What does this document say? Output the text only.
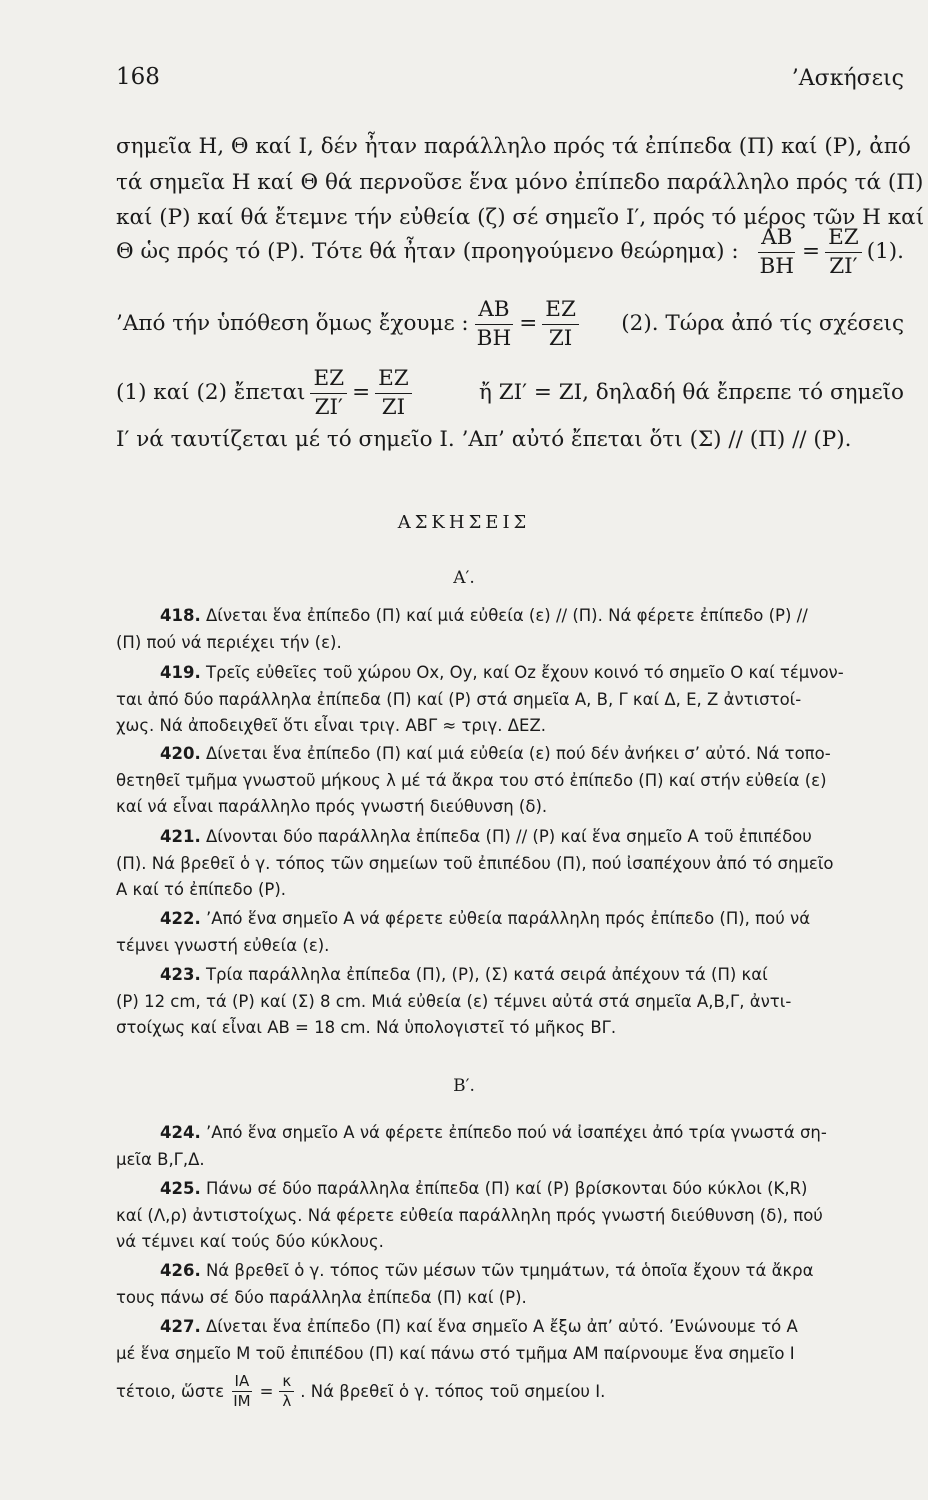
168	’Ασκήσεις
σημεῖα Η, Θ καί Ι, δέν ἦταν παράλληλο πρός τά ἐπίπεδα (Π) καί (Ρ), ἀπό
τά σημεῖα Η καί Θ θά περνοῦσε ἕνα μόνο ἐπίπεδο παράλληλο πρός τά (Π)
καί (Ρ) καί θά ἔτεμνε τήν εὐθεία (ζ) σέ σημεῖο Ι′, πρός τό μέρος τῶν Η καί
Θ ὡς πρός τό (Ρ). Τότε θά ἦταν (προηγούμενο θεώρημα) : $\frac{AB}{BH} = \frac{EZ}{ZI'} (1)$.
’Από τήν ὑπόθεση ὅμως ἔχουμε : $\frac{AB}{BH} = \frac{EZ}{ZI} (2)$. Τώρα ἀπό τίς σχέσεις
(1) καί (2) ἔπεται $\frac{EZ}{ZI'} = \frac{EZ}{ZI}$	ἤ ΖΙ′ = ΖΙ, δηλαδή θά ἔπρεπε τό σημεῖο
Ι′ νά ταυτίζεται μέ τό σημεῖο Ι. ’Απ’ αὐτό ἔπεται ὅτι (Σ) // (Π) // (Ρ).
ΑΣΚΗΣΕΙΣ
Α′.

418. Δίνεται ἕνα ἐπίπεδο (Π) καί μιά εὐθεία (ε) // (Π). Νά φέρετε ἐπίπεδο (Ρ) //

(Π) πού νά περιέχει τήν (ε).

419. Τρεῖς εὐθεῖες τοῦ χώρου Οx, Οy, καί Οz ἔχουν κοινό τό σημεῖο Ο καί τέμνον-

ται ἀπό δύο παράλληλα ἐπίπεδα (Π) καί (Ρ) στά σημεῖα Α, Β, Γ καί Δ, Ε, Ζ ἀντιστοί-

χως. Νά ἀποδειχθεῖ ὅτι εἶναι τριγ. ΑΒΓ ≈ τριγ. ΔΕΖ.

420. Δίνεται ἕνα ἐπίπεδο (Π) καί μιά εὐθεία (ε) πού δέν ἀνήκει σ’ αὐτό. Νά τοπο-

θετηθεῖ τμῆμα γνωστοῦ μήκους λ μέ τά ἄκρα του στό ἐπίπεδο (Π) καί στήν εὐθεία (ε)

καί νά εἶναι παράλληλο πρός γνωστή διεύθυνση (δ).

421. Δίνονται δύο παράλληλα ἐπίπεδα (Π) // (Ρ) καί ἕνα σημεῖο Α τοῦ ἐπιπέδου

(Π). Νά βρεθεῖ ὁ γ. τόπος τῶν σημείων τοῦ ἐπιπέδου (Π), πού ἰσαπέχουν ἀπό τό σημεῖο

Α καί τό ἐπίπεδο (Ρ).

422. ’Από ἕνα σημεῖο Α νά φέρετε εὐθεία παράλληλη πρός ἐπίπεδο (Π), πού νά

τέμνει γνωστή εὐθεία (ε).

423. Τρία παράλληλα ἐπίπεδα (Π), (Ρ), (Σ) κατά σειρά ἀπέχουν τά (Π) καί

(Ρ) 12 cm, τά (Ρ) καί (Σ) 8 cm. Μιά εὐθεία (ε) τέμνει αὐτά στά σημεῖα Α,Β,Γ, ἀντι-

στοίχως καί εἶναι ΑΒ = 18 cm. Νά ὑπολογιστεῖ τό μῆκος ΒΓ.

Β′.

424. ’Από ἕνα σημεῖο Α νά φέρετε ἐπίπεδο πού νά ἰσαπέχει ἀπό τρία γνωστά ση-

μεῖα Β,Γ,Δ.

425. Πάνω σέ δύο παράλληλα ἐπίπεδα (Π) καί (Ρ) βρίσκονται δύο κύκλοι (Κ,R)

καί (Λ,ρ) ἀντιστοίχως. Νά φέρετε εὐθεία παράλληλη πρός γνωστή διεύθυνση (δ), πού

νά τέμνει καί τούς δύο κύκλους.

426. Νά βρεθεῖ ὁ γ. τόπος τῶν μέσων τῶν τμημάτων, τά ὁποῖα ἔχουν τά ἄκρα

τους πάνω σέ δύο παράλληλα ἐπίπεδα (Π) καί (Ρ).

427. Δίνεται ἕνα ἐπίπεδο (Π) καί ἕνα σημεῖο Α ἔξω ἀπ’ αὐτό. ’Ενώνουμε τό Α

μέ ἕνα σημεῖο Μ τοῦ ἐπιπέδου (Π) καί πάνω στό τμῆμα ΑΜ παίρνουμε ἕνα σημεῖο Ι

τέτοιο, ὥστε $\frac{IA}{IM} = \frac{\kappa}{\lambda}$ . Νά βρεθεῖ ὁ γ. τόπος τοῦ σημείου Ι.
